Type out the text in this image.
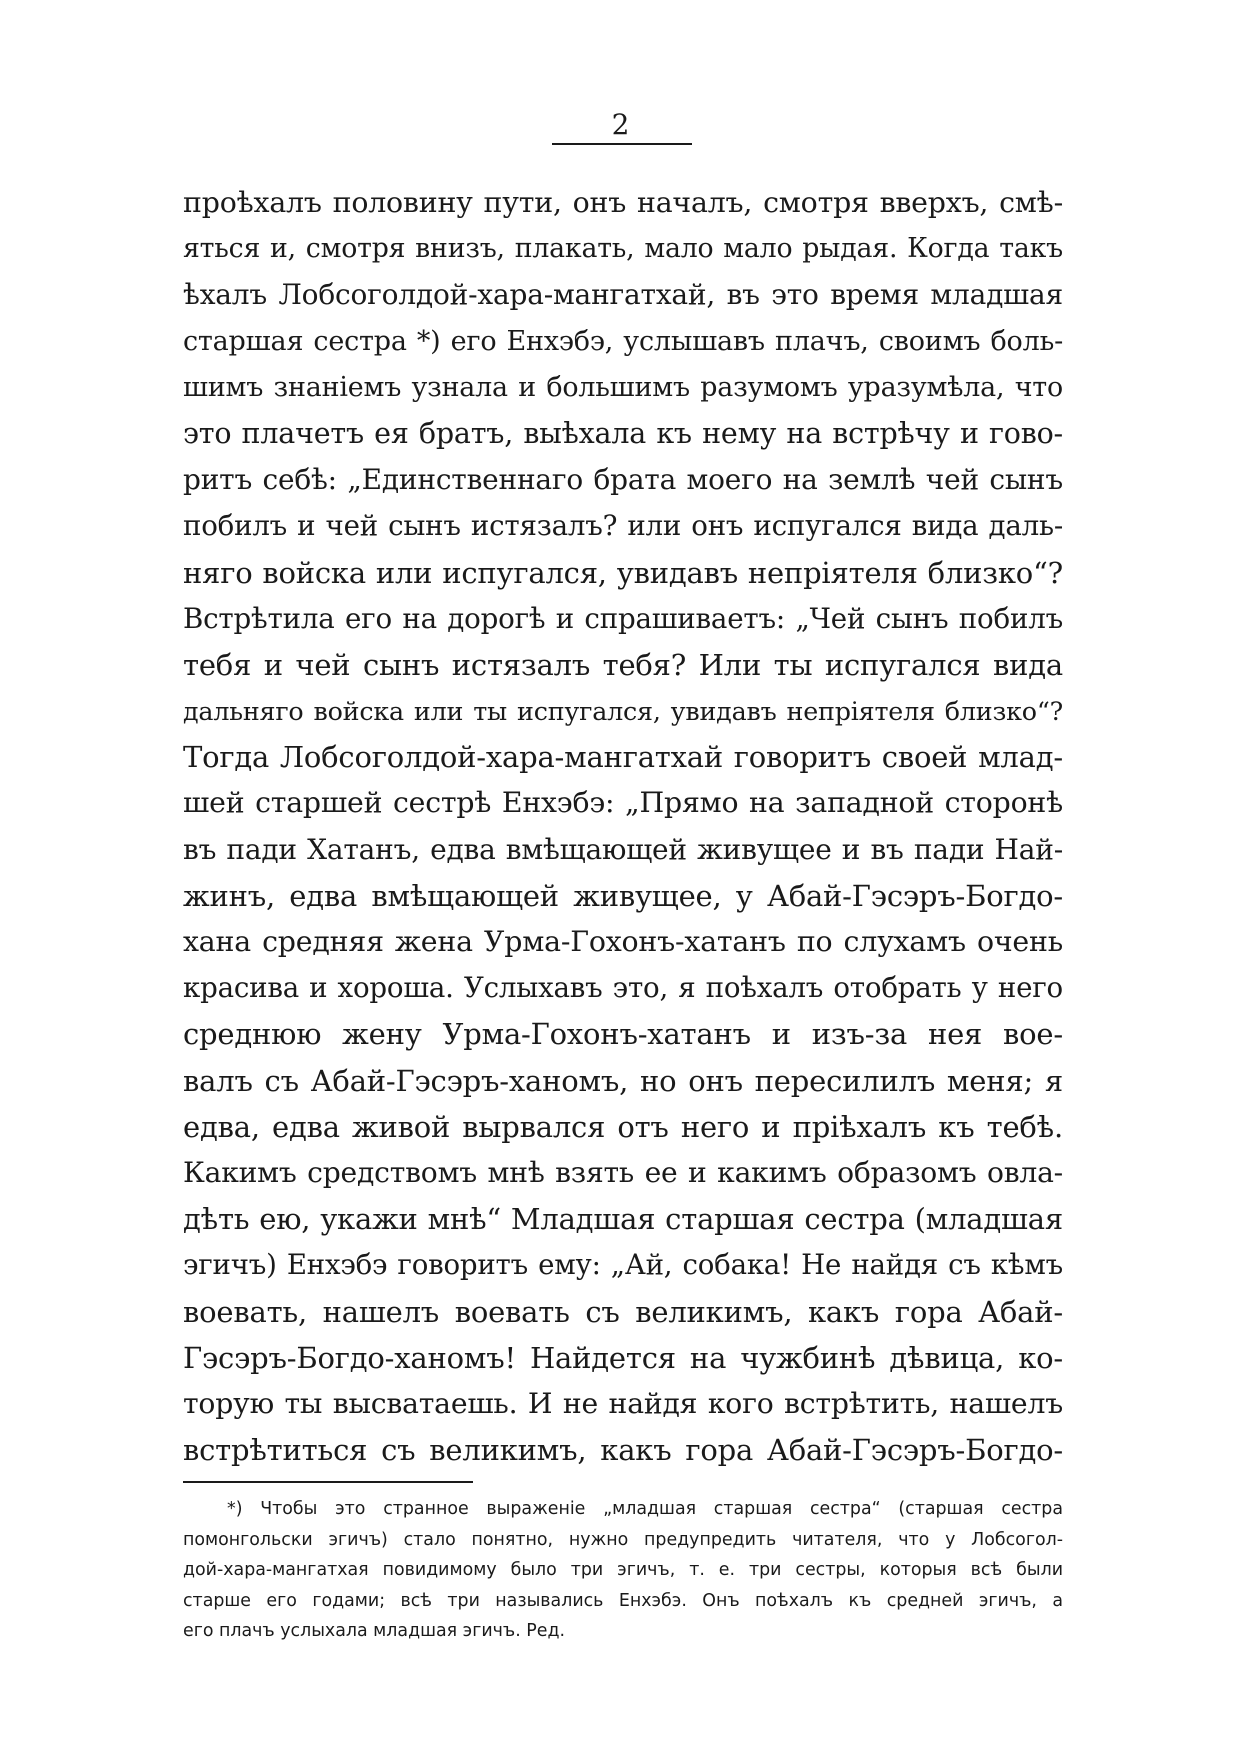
2
проѣхалъ половину пути, онъ началъ, смотря вверхъ, смѣ-
яться и, смотря внизъ, плакать, мало мало рыдая. Когда такъ
ѣхалъ Лобсоголдой-хара-мангатхай, въ это время младшая
старшая сестра *) его Енхэбэ, услышавъ плачъ, своимъ боль-
шимъ знаніемъ узнала и большимъ разумомъ уразумѣла, что
это плачетъ ея братъ, выѣхала къ нему на встрѣчу и гово-
ритъ себѣ: „Единственнаго брата моего на землѣ чей сынъ
побилъ и чей сынъ истязалъ? или онъ испугался вида даль-
няго войска или испугался, увидавъ непріятеля близко“?
Встрѣтила его на дорогѣ и спрашиваетъ: „Чей сынъ побилъ
тебя и чей сынъ истязалъ тебя? Или ты испугался вида
дальняго войска или ты испугался, увидавъ непріятеля близко“?
Тогда Лобсоголдой-хара-мангатхай говоритъ своей млад-
шей старшей сестрѣ Енхэбэ: „Прямо на западной сторонѣ
въ пади Хатанъ, едва вмѣщающей живущее и въ пади Най-
жинъ, едва вмѣщающей живущее, у Абай-Гэсэръ-Богдо-
хана средняя жена Урма-Гохонъ-хатанъ по слухамъ очень
красива и хороша. Услыхавъ это, я поѣхалъ отобрать у него
среднюю жену Урма-Гохонъ-хатанъ и изъ-за нея вое-
валъ съ Абай-Гэсэръ-ханомъ, но онъ пересилилъ меня; я
едва, едва живой вырвался отъ него и пріѣхалъ къ тебѣ.
Какимъ средствомъ мнѣ взять ее и какимъ образомъ овла-
дѣть ею, укажи мнѣ“ Младшая старшая сестра (младшая
эгичъ) Енхэбэ говоритъ ему: „Ай, собака! Не найдя съ кѣмъ
воевать, нашелъ воевать съ великимъ, какъ гора Абай-
Гэсэръ-Богдо-ханомъ! Найдется на чужбинѣ дѣвица, ко-
торую ты высватаешь. И не найдя кого встрѣтить, нашелъ
встрѣтиться съ великимъ, какъ гора Абай-Гэсэръ-Богдо-
*) Чтобы это странное выраженіе „младшая старшая сестра“ (старшая сестра
помонгольски эгичъ) стало понятно, нужно предупредить читателя, что у Лобсогол-
дой-хара-мангатхая повидимому было три эгичъ, т. е. три сестры, которыя всѣ были
старше его годами; всѣ три назывались Енхэбэ. Онъ поѣхалъ къ средней эгичъ, а
его плачъ услыхала младшая эгичъ. Ред.
